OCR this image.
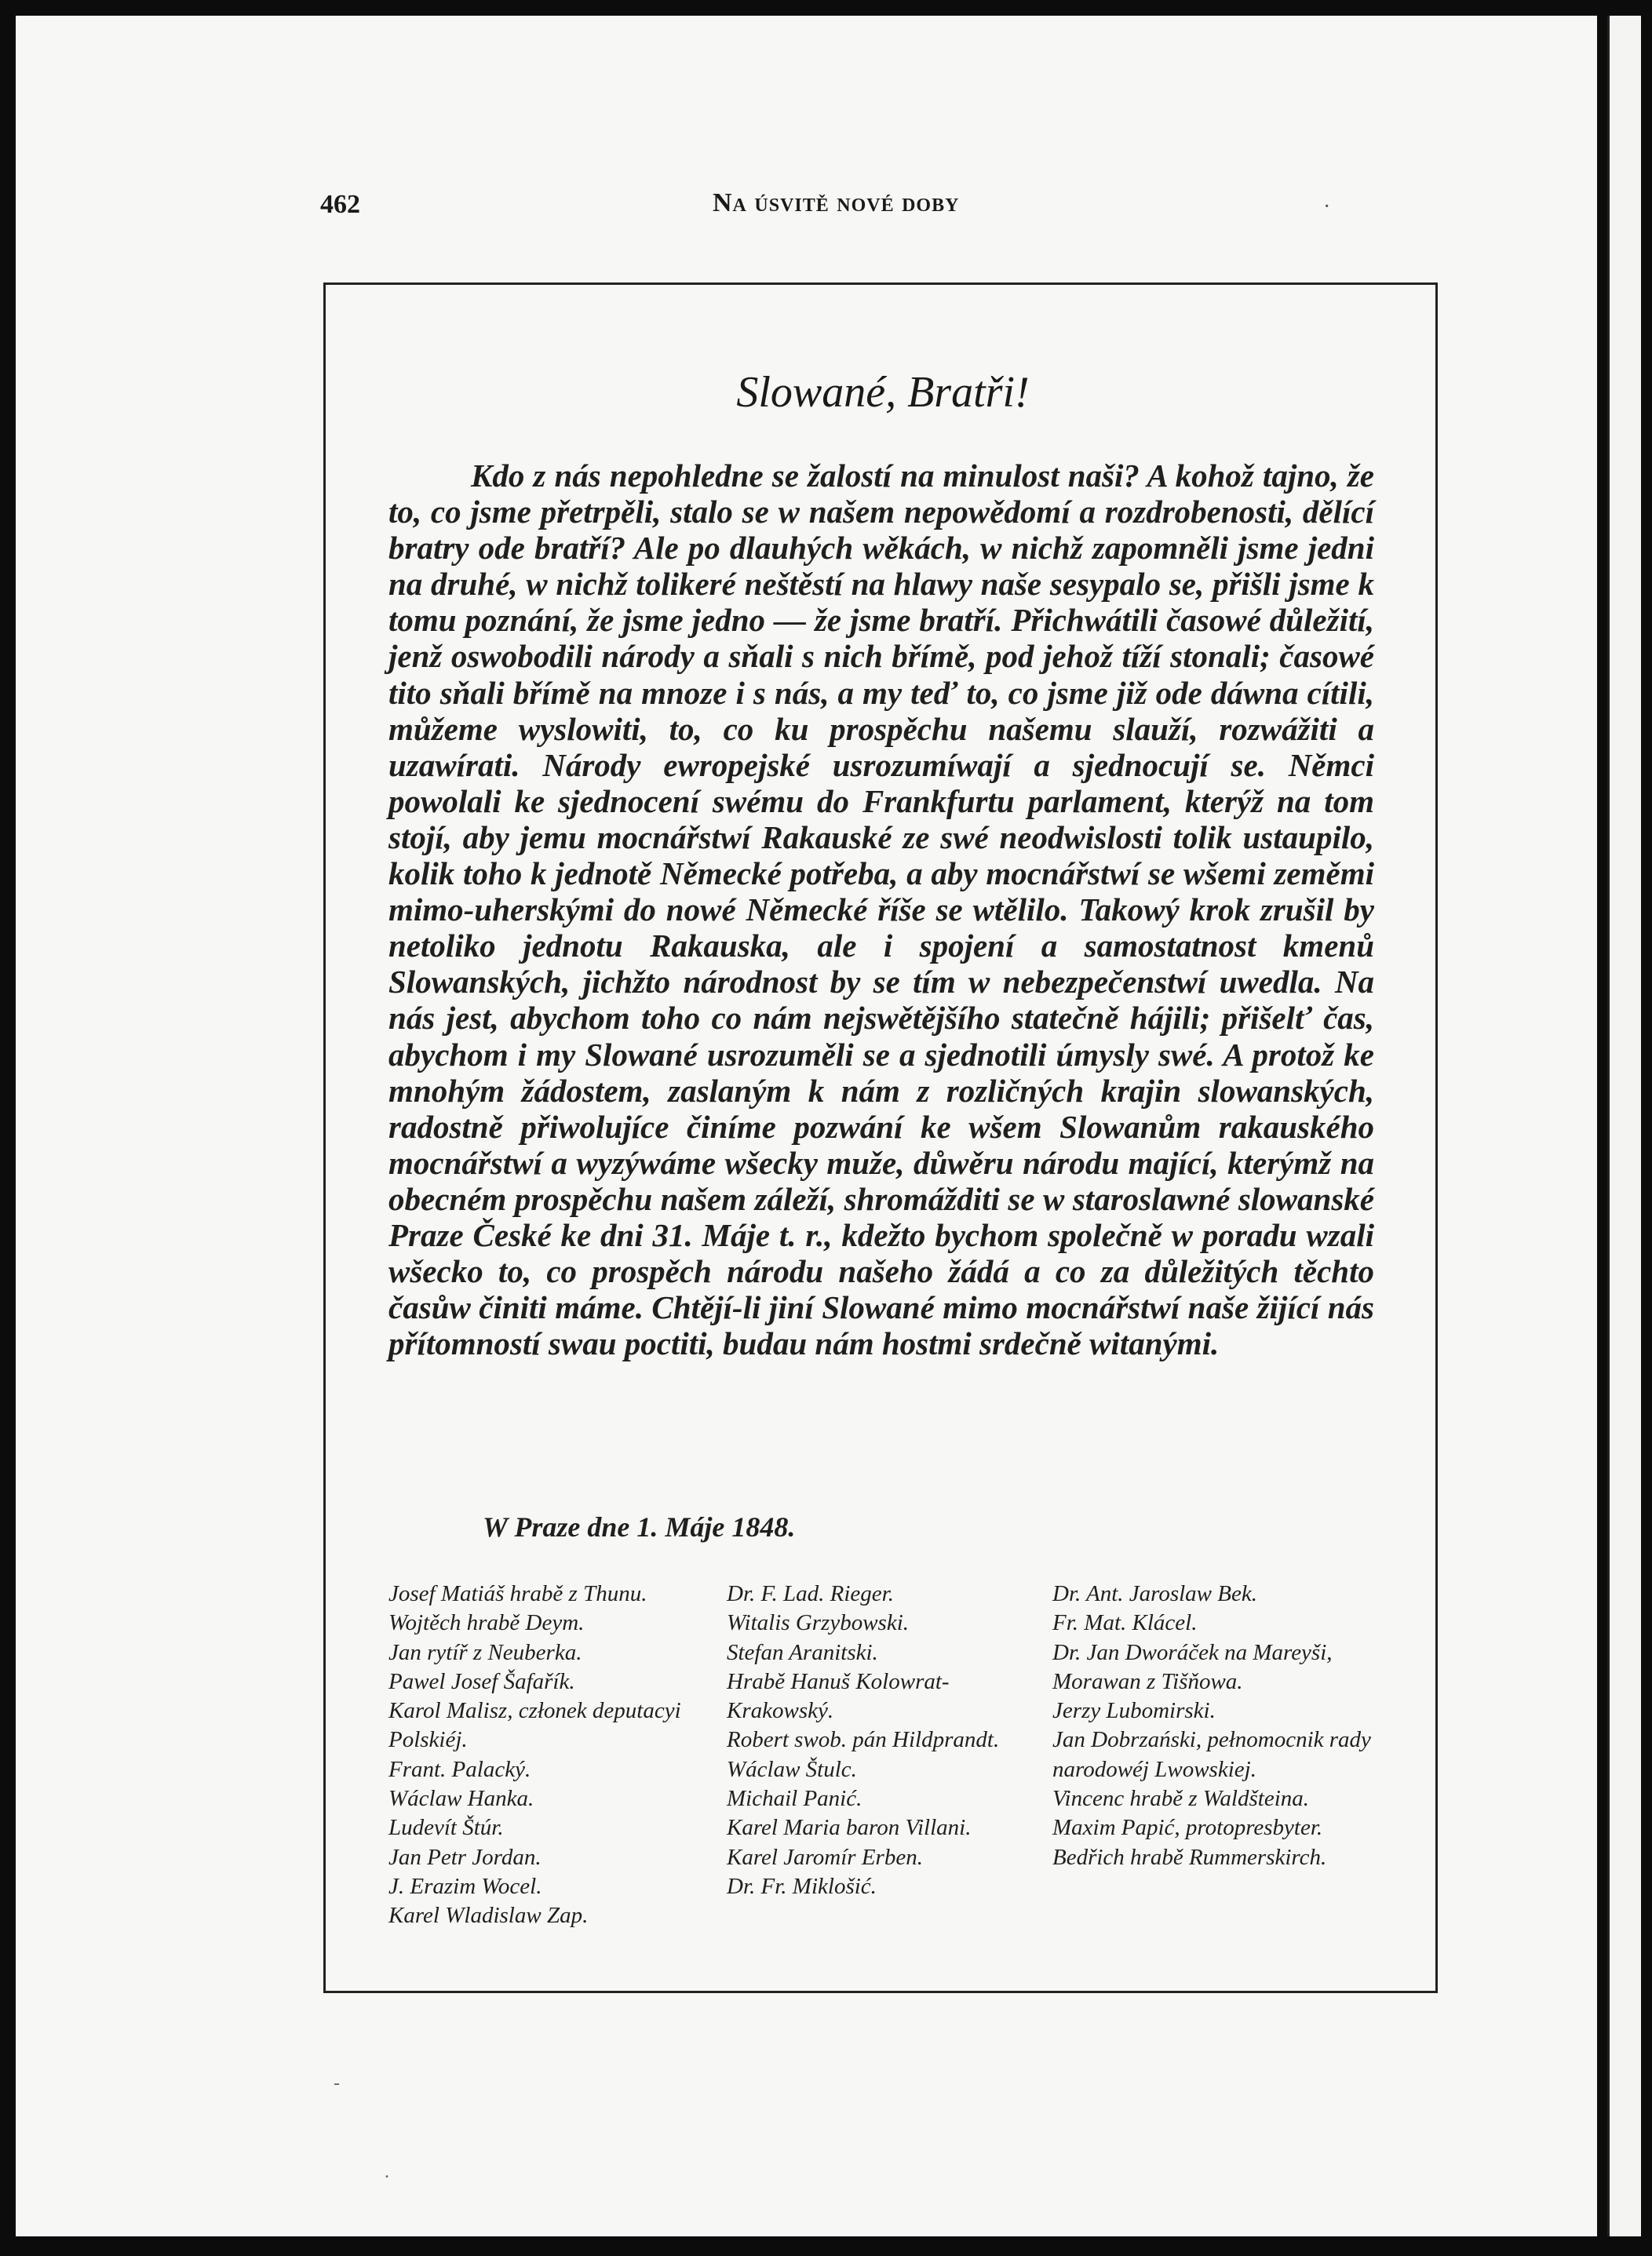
462	Na úsvitě nové doby	·
Slowané, Bratři!

Kdo z nás nepohledne se žalostí na minulost naši? A kohož tajno, že to, co jsme přetrpěli, stalo se w našem nepowědomí a rozdrobenosti, dělící bratry ode bratří? Ale po dlauhých wěkách, w nichž zapomněli jsme jedni na druhé, w nichž tolikeré neštěstí na hlawy naše sesypalo se, přišli jsme k tomu poznání, že jsme jedno — že jsme bratří. Přichwátili časowé důležití, jenž oswobodili národy a sňali s nich břímě, pod jehož tíží stonali; časowé tito sňali břímě na mnoze i s nás, a my teď to, co jsme již ode dáwna cítili, můžeme wyslowiti, to, co ku prospěchu našemu slauží, rozwážiti a uzawírati. Národy ewropejské usrozumíwají a sjednocují se. Němci powolali ke sjednocení swému do Frankfurtu parlament, kterýž na tom stojí, aby jemu mocnářstwí Rakauské ze swé neodwislosti tolik ustaupilo, kolik toho k jednotě Německé potřeba, a aby mocnářstwí se wšemi zeměmi mimo-uherskými do nowé Německé říše se wtělilo. Takowý krok zrušil by netoliko jednotu Rakauska, ale i spojení a samostatnost kmenů Slowanských, jichžto národnost by se tím w nebezpečenstwí uwedla. Na nás jest, abychom toho co nám nejswětějšího statečně hájili; přišelť čas, abychom i my Slowané usrozuměli se a sjednotili úmysly swé. A protož ke mnohým žádostem, zaslaným k nám z rozličných krajin slowanských, radostně přiwolujíce činíme pozwání ke wšem Slowanům rakauského mocnářstwí a wyzýwáme wšecky muže, důwěru národu mající, kterýmž na obecném prospěchu našem záleží, shromážditi se w staroslawné slowanské Praze České ke dni 31. Máje t. r., kdežto bychom společně w poradu wzali wšecko to, co prospěch národu našeho žádá a co za důležitých těchto časůw činiti máme. Chtějí-li jiní Slowané mimo mocnářstwí naše žijící nás přítomností swau poctiti, budau nám hostmi srdečně witanými.

W Praze dne 1. Máje 1848.

Josef Matiáš hrabě z Thunu.

Wojtěch hrabě Deym.

Jan rytíř z Neuberka.

Pawel Josef Šafařík.

Karol Malisz, członek deputacyi Polskiéj.

Frant. Palacký.

Wáclaw Hanka.

Ludevít Štúr.

Jan Petr Jordan.

J. Erazim Wocel.

Karel Wladislaw Zap.

Dr. F. Lad. Rieger.

Witalis Grzybowski.

Stefan Aranitski.

Hrabě Hanuš Kolowrat-Krakowský.

Robert swob. pán Hildprandt.

Wáclaw Štulc.

Michail Panić.

Karel Maria baron Villani.

Karel Jaromír Erben.

Dr. Fr. Miklošić.

Dr. Ant. Jaroslaw Bek.

Fr. Mat. Klácel.

Dr. Jan Dworáček na Mareyši, Morawan z Tišňowa.

Jerzy Lubomirski.

Jan Dobrzański, pełnomocnik rady narodowéj Lwowskiej.

Vincenc hrabě z Waldšteina.

Maxim Papić, protopresbyter.

Bedřich hrabě Rummerskirch.

-
.
